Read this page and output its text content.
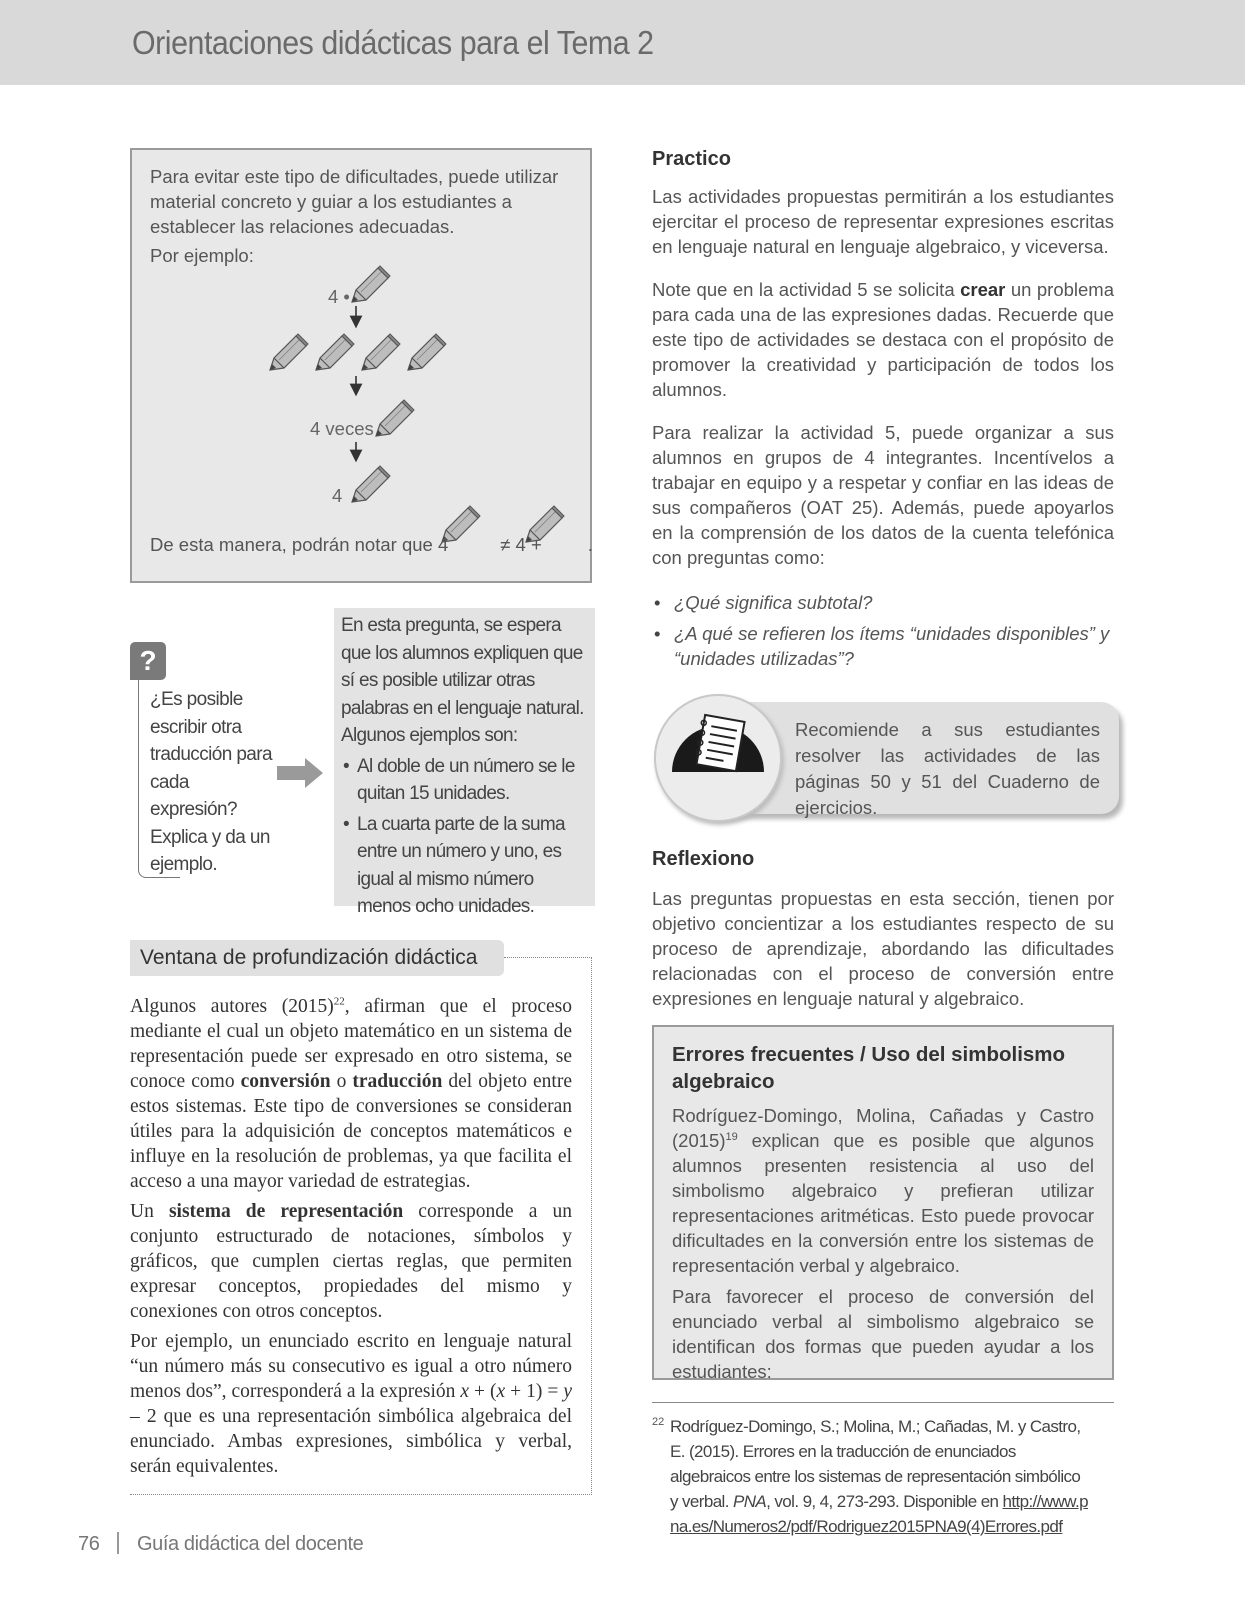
Orientaciones didácticas para el Tema 2
Para evitar este tipo de dificultades, puede utilizar material concreto y guiar a los estudiantes a establecer las relaciones adecuadas.
Por ejemplo:
4 •
4 veces
4
De esta manera, podrán notar que 4	≠ 4 + .
?
¿Es posible escribir otra traducción para cada expresión? Explica y da un ejemplo.
En esta pregunta, se espera que los alumnos expliquen que sí es posible utilizar otras palabras en el lenguaje natural. Algunos ejemplos son:
• Al doble de un número se le quitan 15 unidades.
• La cuarta parte de la suma entre un número y uno, es igual al mismo número menos ocho unidades.
Ventana de profundización didáctica

Algunos autores $(2015)^{22}$, afirman que el proceso mediante el cual un objeto matemático en un sistema de representación puede ser expresado en otro sistema, se conoce como conversión o traducción del objeto entre estos sistemas. Este tipo de conversiones se consideran útiles para la adquisición de conceptos matemáticos e influye en la resolución de problemas, ya que facilita el acceso a una mayor variedad de estrategias.

Un sistema de representación corresponde a un conjunto estructurado de notaciones, símbolos y gráficos, que cumplen ciertas reglas, que permiten expresar conceptos, propiedades del mismo y conexiones con otros conceptos.

Por ejemplo, un enunciado escrito en lenguaje natural “un número más su consecutivo es igual a otro número menos dos”, corresponderá a la expresión x + (x + 1) = y – 2 que es una representación simbólica algebraica del enunciado. Ambas expresiones, simbólica y verbal, serán equivalentes.

Practico
Las actividades propuestas permitirán a los estudiantes ejercitar el proceso de representar expresiones escritas en lenguaje natural en lenguaje algebraico, y viceversa.
Note que en la actividad 5 se solicita crear un problema para cada una de las expresiones dadas. Recuerde que este tipo de actividades se destaca con el propósito de promover la creatividad y participación de todos los alumnos.
Para realizar la actividad 5, puede organizar a sus alumnos en grupos de 4 integrantes. Incentívelos a trabajar en equipo y a respetar y confiar en las ideas de sus compañeros (OAT 25). Además, puede apoyarlos en la comprensión de los datos de la cuenta telefónica con preguntas como:
• ¿Qué significa subtotal?
• ¿A qué se refieren los ítems “unidades disponibles” y “unidades utilizadas”?
Recomiende a sus estudiantes resolver las actividades de las páginas 50 y 51 del Cuaderno de ejercicios.
Reflexiono
Las preguntas propuestas en esta sección, tienen por objetivo concientizar a los estudiantes respecto de su proceso de aprendizaje, abordando las dificultades relacionadas con el proceso de conversión entre expresiones en lenguaje natural y algebraico.
Errores frecuentes / Uso del simbolismo algebraico
Rodríguez-Domingo, Molina, Cañadas y Castro $(2015)^{19}$ explican que es posible que algunos alumnos presenten resistencia al uso del simbolismo algebraico y prefieran utilizar representaciones aritméticas. Esto puede provocar dificultades en la conversión entre los sistemas de representación verbal y algebraico.
Para favorecer el proceso de conversión del enunciado verbal al simbolismo algebraico se identifican dos formas que pueden ayudar a los estudiantes:
22 Rodríguez-Domingo, S.; Molina, M.; Cañadas, M. y Castro, E. (2015). Errores en la traducción de enunciados algebraicos entre los sistemas de representación simbólico y verbal. PNA, vol. 9, 4, 273-293. Disponible en http://www.pna.es/Numeros2/pdf/Rodriguez2015PNA9(4)Errores.pdf
76 Guía didáctica del docente
